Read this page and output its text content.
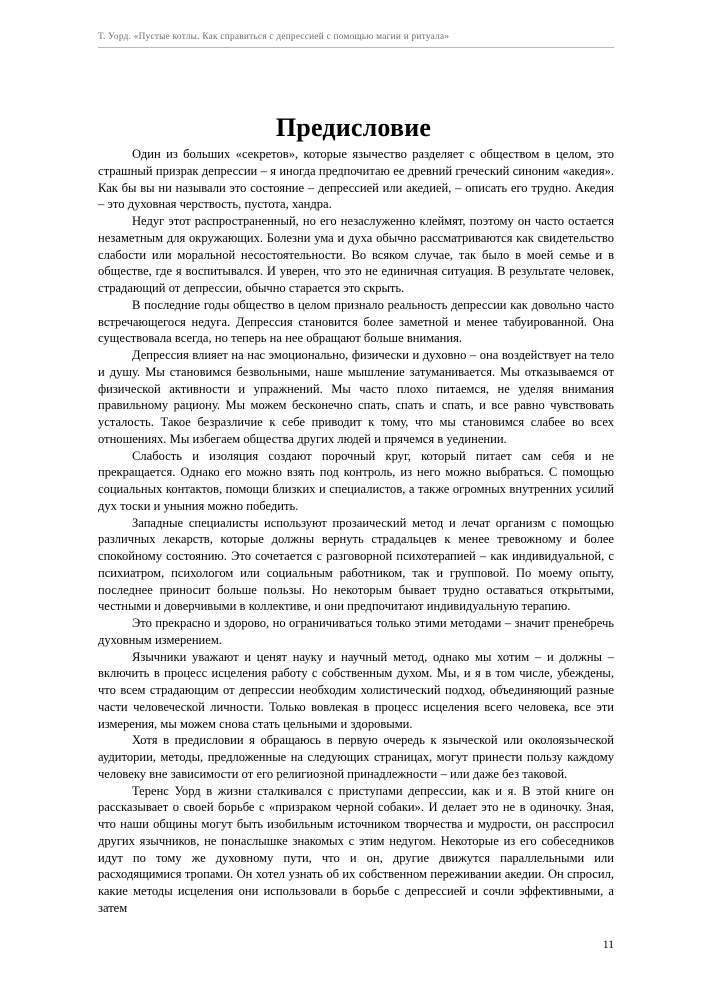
Т. Уорд. «Пустые котлы. Как справиться с депрессией с помощью магии и ритуала»
Предисловие

Один из больших «секретов», которые язычество разделяет с обществом в целом, это страшный призрак депрессии – я иногда предпочитаю ее древний греческий синоним «акедия». Как бы вы ни называли это состояние – депрессией или акедией, – описать его трудно. Акедия – это духовная черствость, пустота, хандра.

Недуг этот распространенный, но его незаслуженно клеймят, поэтому он часто остается незаметным для окружающих. Болезни ума и духа обычно рассматриваются как свидетельство слабости или моральной несостоятельности. Во всяком случае, так было в моей семье и в обществе, где я воспитывался. И уверен, что это не единичная ситуация. В результате человек, страдающий от депрессии, обычно старается это скрыть.

В последние годы общество в целом признало реальность депрессии как довольно часто встречающегося недуга. Депрессия становится более заметной и менее табуированной. Она существовала всегда, но теперь на нее обращают больше внимания.

Депрессия влияет на нас эмоционально, физически и духовно – она воздействует на тело и душу. Мы становимся безвольными, наше мышление затуманивается. Мы отказываемся от физической активности и упражнений. Мы часто плохо питаемся, не уделяя внимания правильному рациону. Мы можем бесконечно спать, спать и спать, и все равно чувствовать усталость. Такое безразличие к себе приводит к тому, что мы становимся слабее во всех отношениях. Мы избегаем общества других людей и прячемся в уединении.

Слабость и изоляция создают порочный круг, который питает сам себя и не прекращается. Однако его можно взять под контроль, из него можно выбраться. С помощью социальных контактов, помощи близких и специалистов, а также огромных внутренних усилий дух тоски и уныния можно победить.

Западные специалисты используют прозаический метод и лечат организм с помощью различных лекарств, которые должны вернуть страдальцев к менее тревожному и более спокойному состоянию. Это сочетается с разговорной психотерапией – как индивидуальной, с психиатром, психологом или социальным работником, так и групповой. По моему опыту, последнее приносит больше пользы. Но некоторым бывает трудно оставаться открытыми, честными и доверчивыми в коллективе, и они предпочитают индивидуальную терапию.

Это прекрасно и здорово, но ограничиваться только этими методами – значит пренебречь духовным измерением.

Язычники уважают и ценят науку и научный метод, однако мы хотим – и должны – включить в процесс исцеления работу с собственным духом. Мы, и я в том числе, убеждены, что всем страдающим от депрессии необходим холистический подход, объединяющий разные части человеческой личности. Только вовлекая в процесс исцеления всего человека, все эти измерения, мы можем снова стать цельными и здоровыми.

Хотя в предисловии я обращаюсь в первую очередь к языческой или околоязыческой аудитории, методы, предложенные на следующих страницах, могут принести пользу каждому человеку вне зависимости от его религиозной принадлежности – или даже без таковой.

Теренс Уорд в жизни сталкивался с приступами депрессии, как и я. В этой книге он рассказывает о своей борьбе с «призраком черной собаки». И делает это не в одиночку. Зная, что наши общины могут быть изобильным источником творчества и мудрости, он расспросил других язычников, не понаслышке знакомых с этим недугом. Некоторые из его собеседников идут по тому же духовному пути, что и он, другие движутся параллельными или расходящимися тропами. Он хотел узнать об их собственном переживании акедии. Он спросил, какие методы исцеления они использовали в борьбе с депрессией и сочли эффективными, а затем

11
